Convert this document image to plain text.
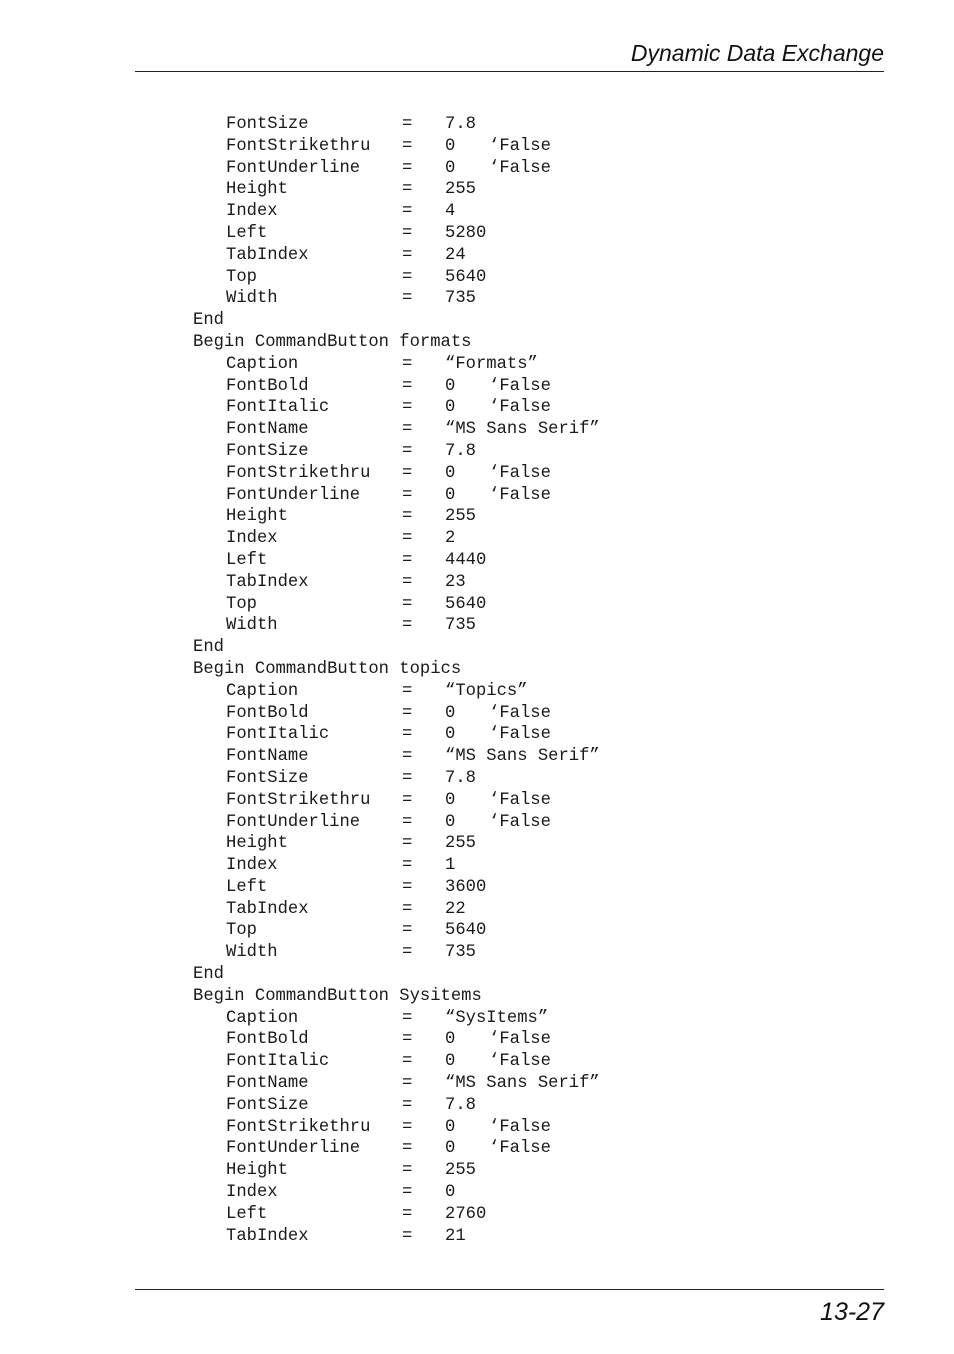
Dynamic Data Exchange
FontSize	= 7.8
FontStrikethru = 0 ‘False
FontUnderline = 0 ‘False
Height	= 255
Index	= 4
Left	= 5280
TabIndex	= 24
Top	= 5640
Width	= 735
End
Begin CommandButton formats
Caption	= “Formats”
FontBold	= 0 ‘False
FontItalic	= 0 ‘False
FontName	= “MS Sans Serif”
FontSize	= 7.8
FontStrikethru = 0 ‘False
FontUnderline = 0 ‘False
Height	= 255
Index	= 2
Left	= 4440
TabIndex	= 23
Top	= 5640
Width	= 735
End
Begin CommandButton topics
Caption	= “Topics”
FontBold	= 0 ‘False
FontItalic	= 0 ‘False
FontName	= “MS Sans Serif”
FontSize	= 7.8
FontStrikethru = 0 ‘False
FontUnderline = 0 ‘False
Height	= 255
Index	= 1
Left	= 3600
TabIndex	= 22
Top	= 5640
Width	= 735
End
Begin CommandButton Sysitems
Caption	= “SysItems”
FontBold	= 0 ‘False
FontItalic	= 0 ‘False
FontName	= “MS Sans Serif”
FontSize	= 7.8
FontStrikethru = 0 ‘False
FontUnderline = 0 ‘False
Height	= 255
Index	= 0
Left	= 2760
TabIndex	= 21
13-27
